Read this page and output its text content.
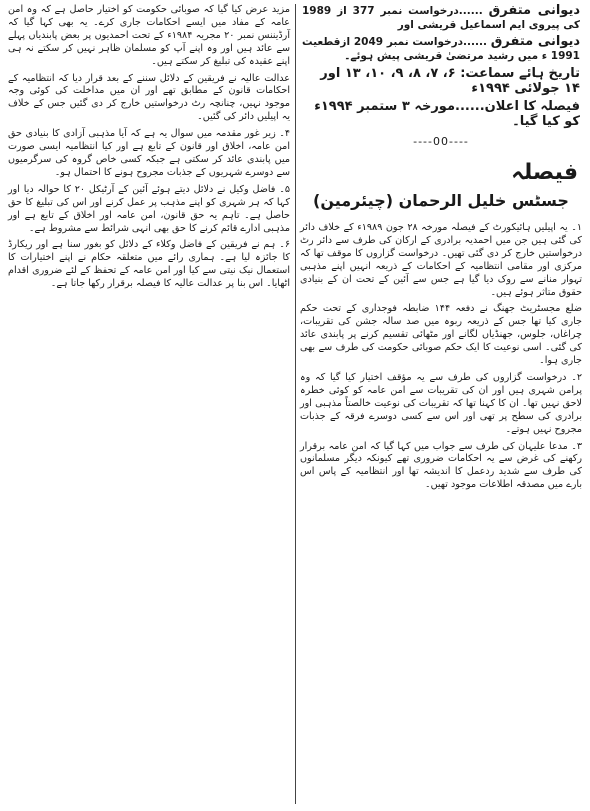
دیوانی متفرق ......درخواست نمبر 377 از 1989 کی پیروی ایم اسماعیل قریشی اور

دیوانی متفرق ......درخواست نمبر 2049 ازقطعیت 1991 ء میں رشید مرتضیٰ قریشی پیش ہوئے۔

تاریخ ہائے سماعت: ۶، ۷، ۸، ۹، ۱۰، ۱۳ اور ۱۴ جولائی ۱۹۹۴ء
فیصلہ کا اعلان......مورخہ ۳ ستمبر ۱۹۹۴ء کو کیا گیا۔
----00----
فیصلہ
جسٹس خلیل الرحمان (چیئرمین)

۱۔ یہ اپیلیں ہائیکورٹ کے فیصلہ مورخہ ۲۸ جون ۱۹۸۹ء کے خلاف دائر کی گئی ہیں جن میں احمدیہ برادری کے ارکان کی طرف سے دائر رٹ درخواستیں خارج کر دی گئی تھیں۔ درخواست گزاروں کا موقف تھا کہ مرکزی اور مقامی انتظامیہ کے احکامات کے ذریعہ انہیں اپنے مذہبی تہوار منانے سے روک دیا گیا ہے جس سے آئین کے تحت ان کے بنیادی حقوق متاثر ہوئے ہیں۔

ضلع مجسٹریٹ جھنگ نے دفعہ ۱۴۴ ضابطہ فوجداری کے تحت حکم جاری کیا تھا جس کے ذریعہ ربوہ میں صد سالہ جشن کی تقریبات، چراغاں، جلوس، جھنڈیاں لگانے اور مٹھائی تقسیم کرنے پر پابندی عائد کی گئی۔ اسی نوعیت کا ایک حکم صوبائی حکومت کی طرف سے بھی جاری ہوا۔

۲۔ درخواست گزاروں کی طرف سے یہ مؤقف اختیار کیا گیا کہ وہ پرامن شہری ہیں اور ان کی تقریبات سے امن عامہ کو کوئی خطرہ لاحق نہیں تھا۔ ان کا کہنا تھا کہ تقریبات کی نوعیت خالصتاً مذہبی اور برادری کی سطح پر تھی اور اس سے کسی دوسرے فرقہ کے جذبات مجروح نہیں ہوتے۔

۳۔ مدعا علیہان کی طرف سے جواب میں کہا گیا کہ امن عامہ برقرار رکھنے کی غرض سے یہ احکامات ضروری تھے کیونکہ دیگر مسلمانوں کی طرف سے شدید ردعمل کا اندیشہ تھا اور انتظامیہ کے پاس اس بارے میں مصدقہ اطلاعات موجود تھیں۔

مزید عرض کیا گیا کہ صوبائی حکومت کو اختیار حاصل ہے کہ وہ امن عامہ کے مفاد میں ایسے احکامات جاری کرے۔ یہ بھی کہا گیا کہ آرڈیننس نمبر ۲۰ مجریہ ۱۹۸۴ء کے تحت احمدیوں پر بعض پابندیاں پہلے سے عائد ہیں اور وہ اپنے آپ کو مسلمان ظاہر نہیں کر سکتے نہ ہی اپنے عقیدہ کی تبلیغ کر سکتے ہیں۔

عدالت عالیہ نے فریقین کے دلائل سننے کے بعد قرار دیا کہ انتظامیہ کے احکامات قانون کے مطابق تھے اور ان میں مداخلت کی کوئی وجہ موجود نہیں، چنانچہ رٹ درخواستیں خارج کر دی گئیں جس کے خلاف یہ اپیلیں دائر کی گئیں۔

۴۔ زیر غور مقدمہ میں سوال یہ ہے کہ آیا مذہبی آزادی کا بنیادی حق امن عامہ، اخلاق اور قانون کے تابع ہے اور کیا انتظامیہ ایسی صورت میں پابندی عائد کر سکتی ہے جبکہ کسی خاص گروہ کی سرگرمیوں سے دوسرے شہریوں کے جذبات مجروح ہونے کا احتمال ہو۔

۵۔ فاضل وکیل نے دلائل دیتے ہوئے آئین کے آرٹیکل ۲۰ کا حوالہ دیا اور کہا کہ ہر شہری کو اپنے مذہب پر عمل کرنے اور اس کی تبلیغ کا حق حاصل ہے۔ تاہم یہ حق قانون، امن عامہ اور اخلاق کے تابع ہے اور مذہبی ادارے قائم کرنے کا حق بھی انہی شرائط سے مشروط ہے۔

۶۔ ہم نے فریقین کے فاضل وکلاء کے دلائل کو بغور سنا ہے اور ریکارڈ کا جائزہ لیا ہے۔ ہماری رائے میں متعلقہ حکام نے اپنے اختیارات کا استعمال نیک نیتی سے کیا اور امن عامہ کے تحفظ کے لئے ضروری اقدام اٹھایا۔ اس بنا پر عدالت عالیہ کا فیصلہ برقرار رکھا جاتا ہے۔
